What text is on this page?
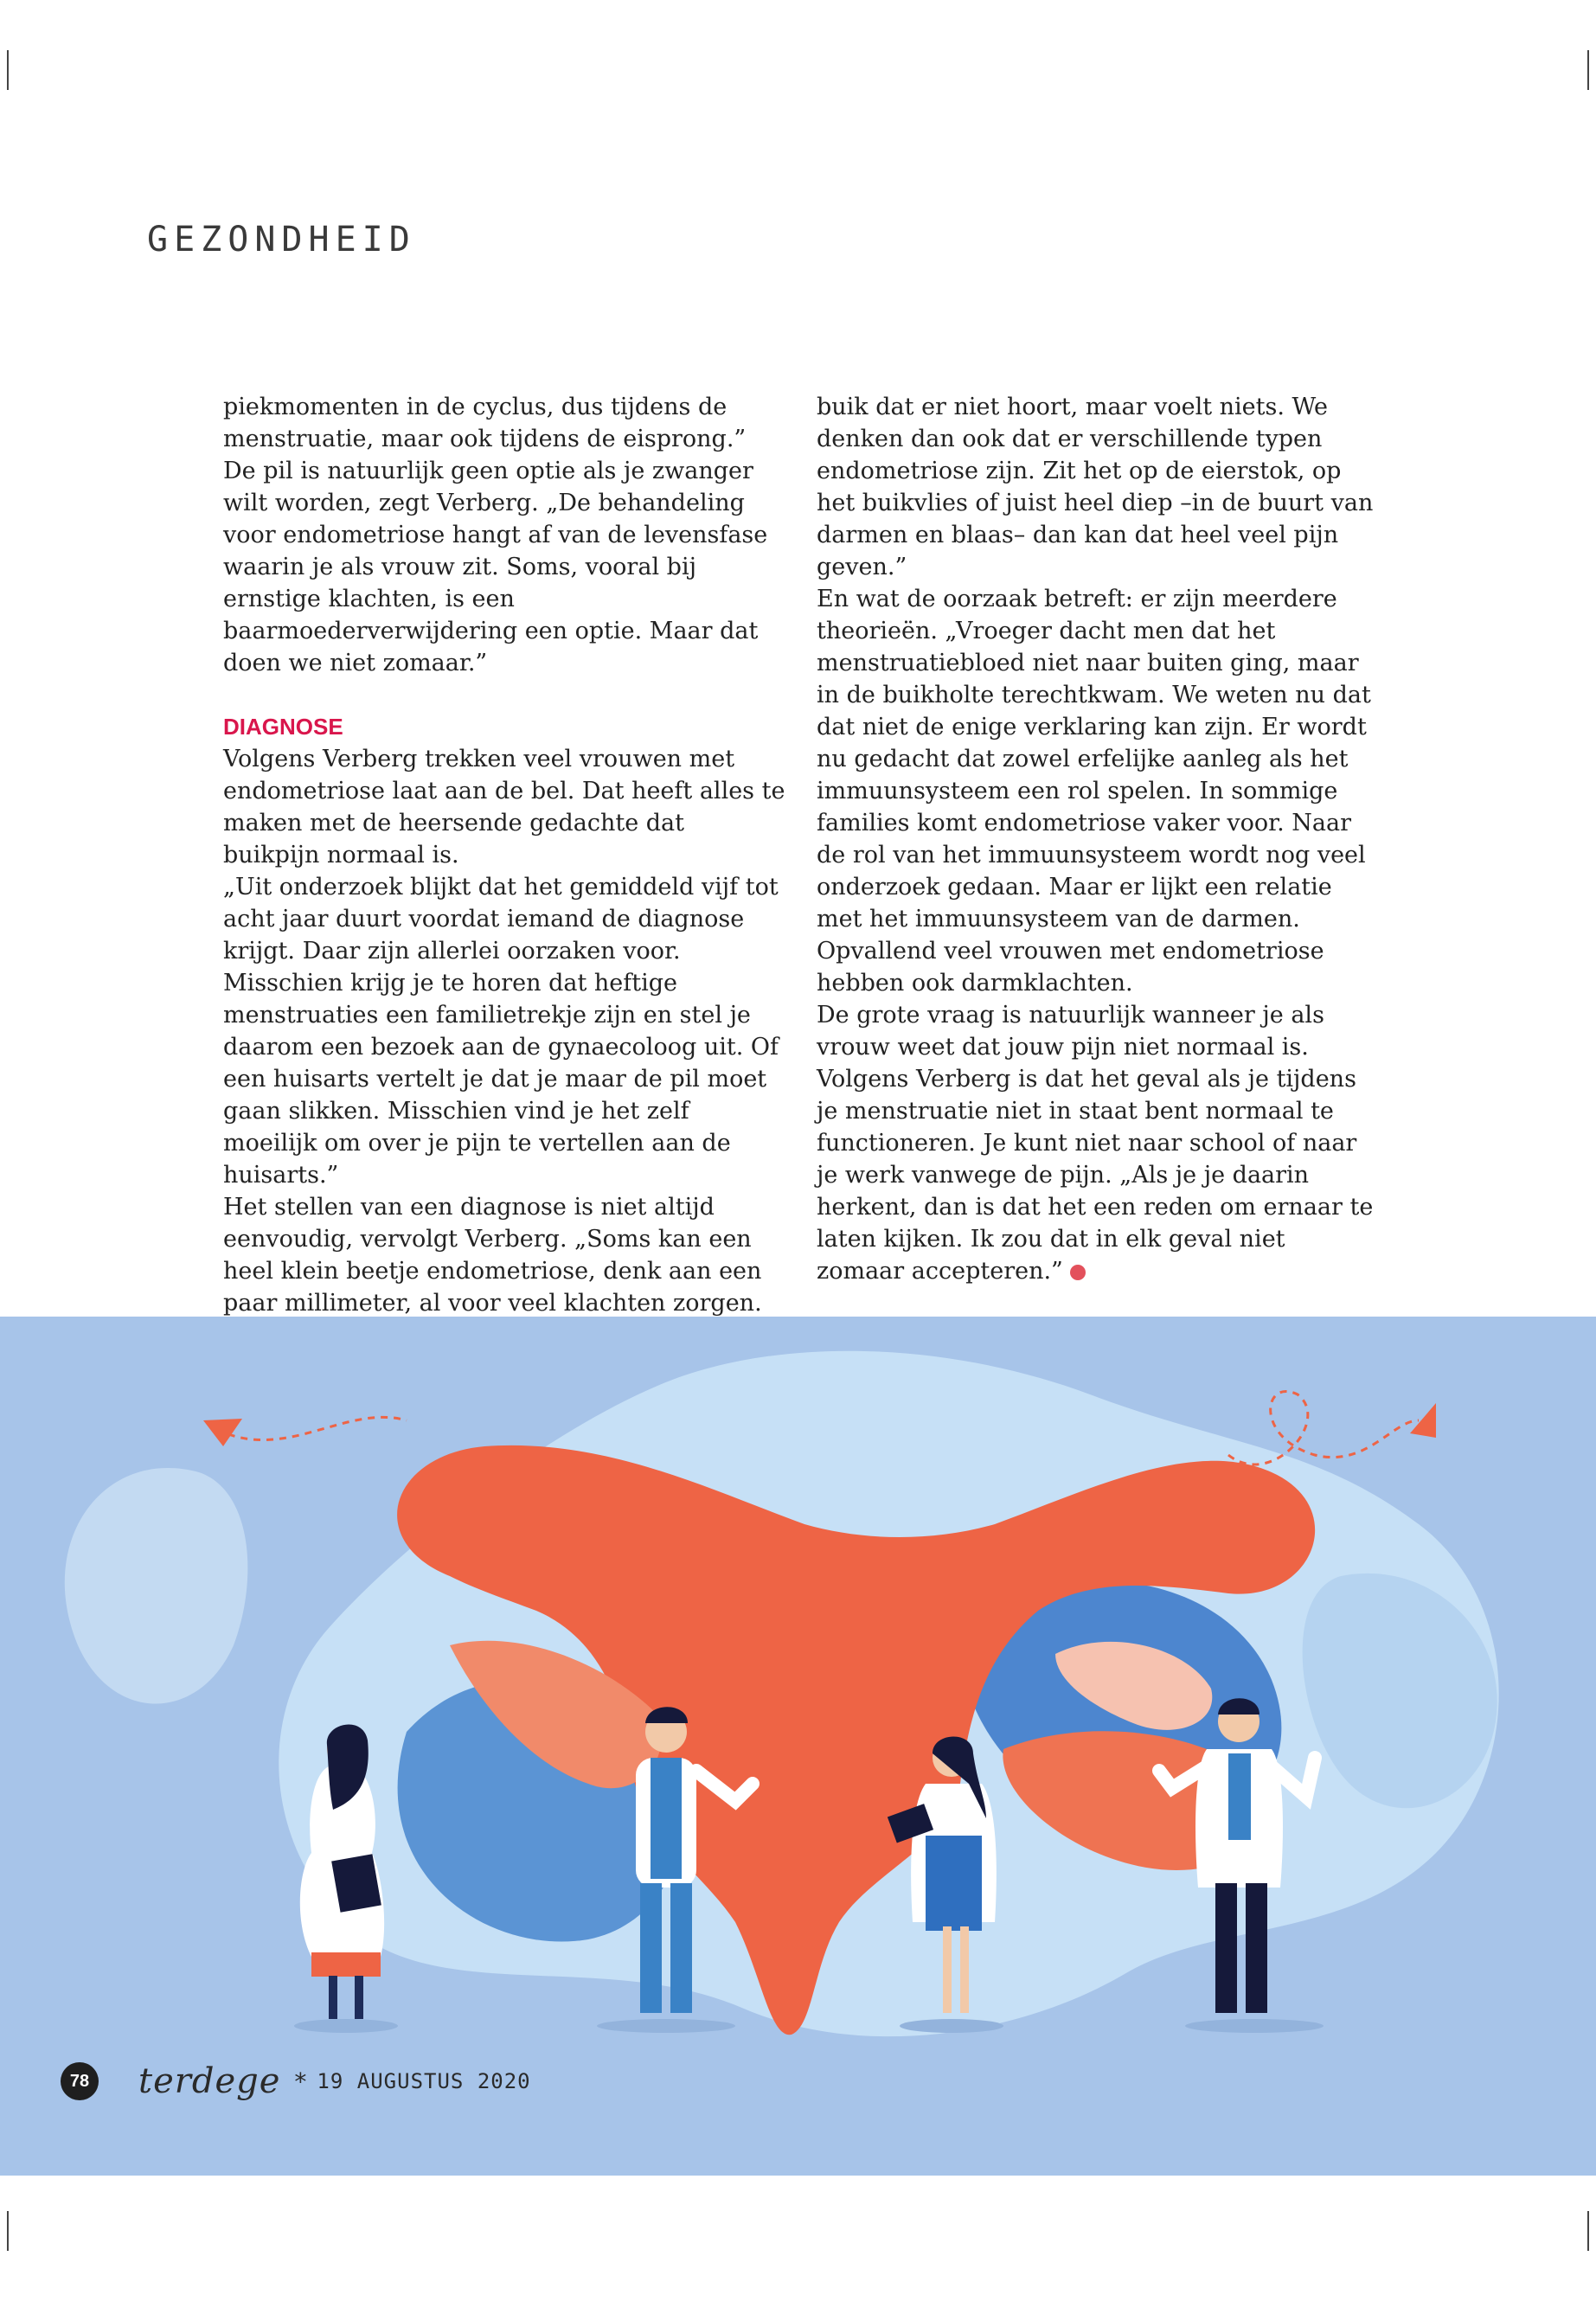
GEZONDHEID

piekmomenten in de cyclus, dus tijdens de menstruatie, maar ook tijdens de eisprong.” De pil is natuurlijk geen optie als je zwanger wilt worden, zegt Verberg. „De behandeling voor endometriose hangt af van de levensfase waarin je als vrouw zit. Soms, vooral bij ernstige klachten, is een baarmoederverwijdering een optie. Maar dat doen we niet zomaar.”

DIAGNOSE

Volgens Verberg trekken veel vrouwen met endometriose laat aan de bel. Dat heeft alles te maken met de heersende gedachte dat buikpijn normaal is.

„Uit onderzoek blijkt dat het gemiddeld vijf tot acht jaar duurt voordat iemand de diagnose krijgt. Daar zijn allerlei oorzaken voor. Misschien krijg je te horen dat heftige menstruaties een familietrekje zijn en stel je daarom een bezoek aan de gynaecoloog uit. Of een huisarts vertelt je dat je maar de pil moet gaan slikken. Misschien vind je het zelf moeilijk om over je pijn te vertellen aan de huisarts.”

Het stellen van een diagnose is niet altijd eenvoudig, vervolgt Verberg. „Soms kan een heel klein beetje endometriose, denk aan een paar millimeter, al voor veel klachten zorgen.

buik dat er niet hoort, maar voelt niets. We denken dan ook dat er verschillende typen endometriose zijn. Zit het op de eierstok, op het buikvlies of juist heel diep –in de buurt van darmen en blaas– dan kan dat heel veel pijn geven.”

En wat de oorzaak betreft: er zijn meerdere theorieën. „Vroeger dacht men dat het menstruatiebloed niet naar buiten ging, maar in de buikholte terechtkwam. We weten nu dat dat niet de enige verklaring kan zijn. Er wordt nu gedacht dat zowel erfelijke aanleg als het immuunsysteem een rol spelen. In sommige families komt endometriose vaker voor. Naar de rol van het immuunsysteem wordt nog veel onderzoek gedaan. Maar er lijkt een relatie met het immuunsysteem van de darmen. Opvallend veel vrouwen met endometriose hebben ook darmklachten.

De grote vraag is natuurlijk wanneer je als vrouw weet dat jouw pijn niet normaal is. Volgens Verberg is dat het geval als je tijdens je menstruatie niet in staat bent normaal te functioneren. Je kunt niet naar school of naar je werk vanwege de pijn. „Als je je daarin herkent, dan is dat het een reden om ernaar te laten kijken. Ik zou dat in elk geval niet zomaar accepteren.”

78 terdege * 19 AUGUSTUS 2020
